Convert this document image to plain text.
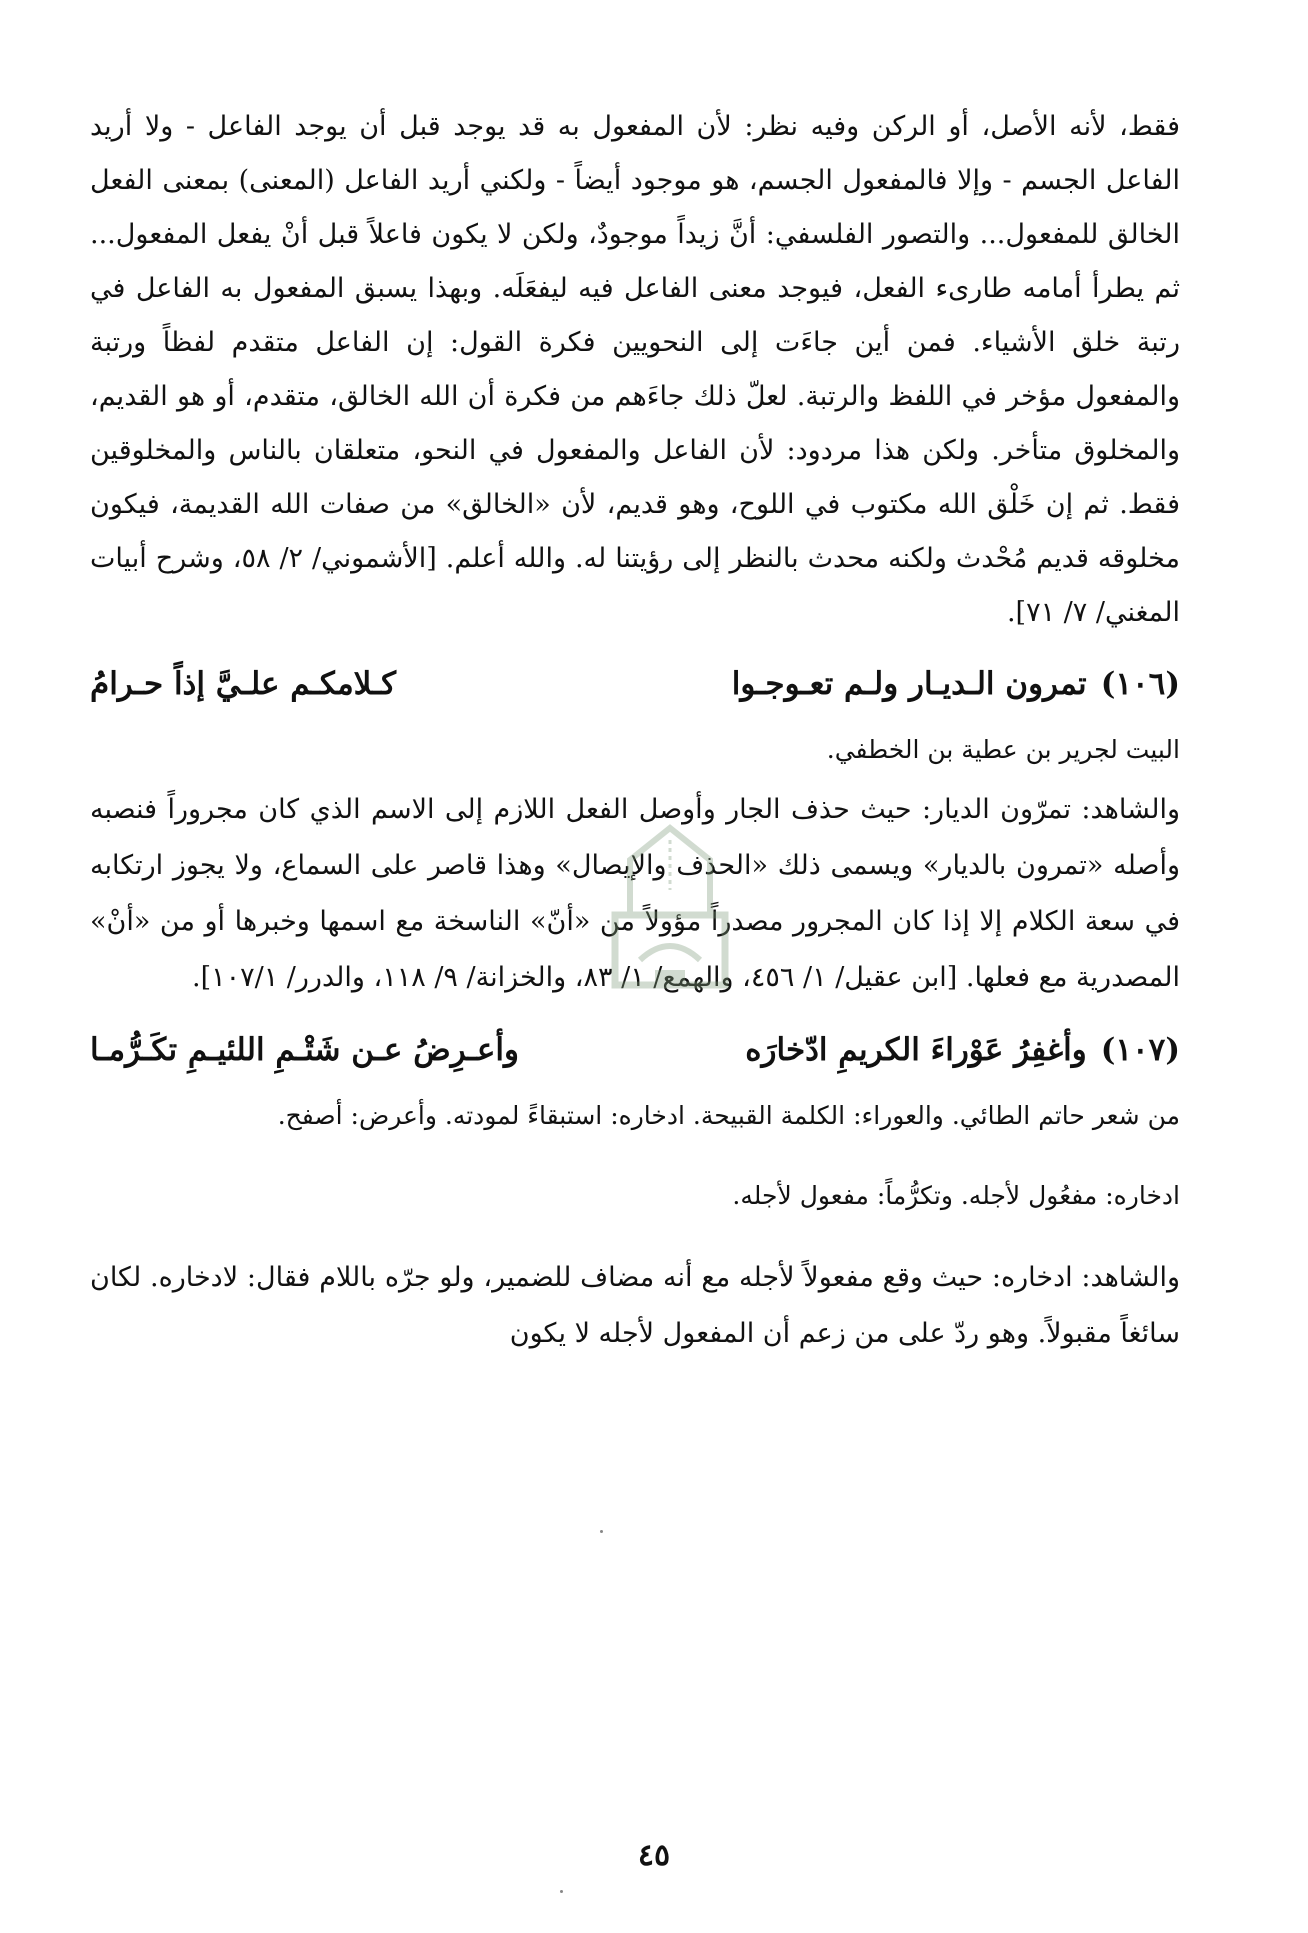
فقط، لأنه الأصل، أو الركن وفيه نظر: لأن المفعول به قد يوجد قبل أن يوجد الفاعل - ولا أريد الفاعل الجسم - وإلا فالمفعول الجسم، هو موجود أيضاً - ولكني أريد الفاعل (المعنى) بمعنى الفعل الخالق للمفعول... والتصور الفلسفي: أنَّ زيداً موجودٌ، ولكن لا يكون فاعلاً قبل أنْ يفعل المفعول... ثم يطرأ أمامه طارىء الفعل، فيوجد معنى الفاعل فيه ليفعَلَه. وبهذا يسبق المفعول به الفاعل في رتبة خلق الأشياء. فمن أين جاءَت إلى النحويين فكرة القول: إن الفاعل متقدم لفظاً ورتبة والمفعول مؤخر في اللفظ والرتبة. لعلّ ذلك جاءَهم من فكرة أن الله الخالق، متقدم، أو هو القديم، والمخلوق متأخر. ولكن هذا مردود: لأن الفاعل والمفعول في النحو، متعلقان بالناس والمخلوقين فقط. ثم إن خَلْق الله مكتوب في اللوح، وهو قديم، لأن «الخالق» من صفات الله القديمة، فيكون مخلوقه قديم مُحْدث ولكنه محدث بالنظر إلى رؤيتنا له. والله أعلم. [الأشموني/ ٢/ ٥٨، وشرح أبيات المغني/ ٧/ ٧١].

(١٠٦)تمرون الـديـار ولـم تعـوجـوا
كـلامكـم علـيَّ إذاً حـرامُ

البيت لجرير بن عطية بن الخطفي.

والشاهد: تمرّون الديار: حيث حذف الجار وأوصل الفعل اللازم إلى الاسم الذي كان مجروراً فنصبه وأصله «تمرون بالديار» ويسمى ذلك «الحذف والإيصال» وهذا قاصر على السماع، ولا يجوز ارتكابه في سعة الكلام إلا إذا كان المجرور مصدراً مؤولاً من «أنّ» الناسخة مع اسمها وخبرها أو من «أنْ» المصدرية مع فعلها. [ابن عقيل/ ١/ ٤٥٦، والهمع/ ١/ ٨٣، والخزانة/ ٩/ ١١٨، والدرر/ ١٠٧/١].

(١٠٧)وأغفِرُ عَوْراءَ الكريمِ ادّخارَه
وأعـرِضُ عـن شَتْـمِ اللئيـمِ تكَـرُّمـا

من شعر حاتم الطائي. والعوراء: الكلمة القبيحة. ادخاره: استبقاءً لمودته. وأعرض: أصفح.

ادخاره: مفعُول لأجله. وتكرُّماً: مفعول لأجله.

والشاهد: ادخاره: حيث وقع مفعولاً لأجله مع أنه مضاف للضمير، ولو جرّه باللام فقال: لادخاره. لكان سائغاً مقبولاً. وهو ردّ على من زعم أن المفعول لأجله لا يكون

٤٥
